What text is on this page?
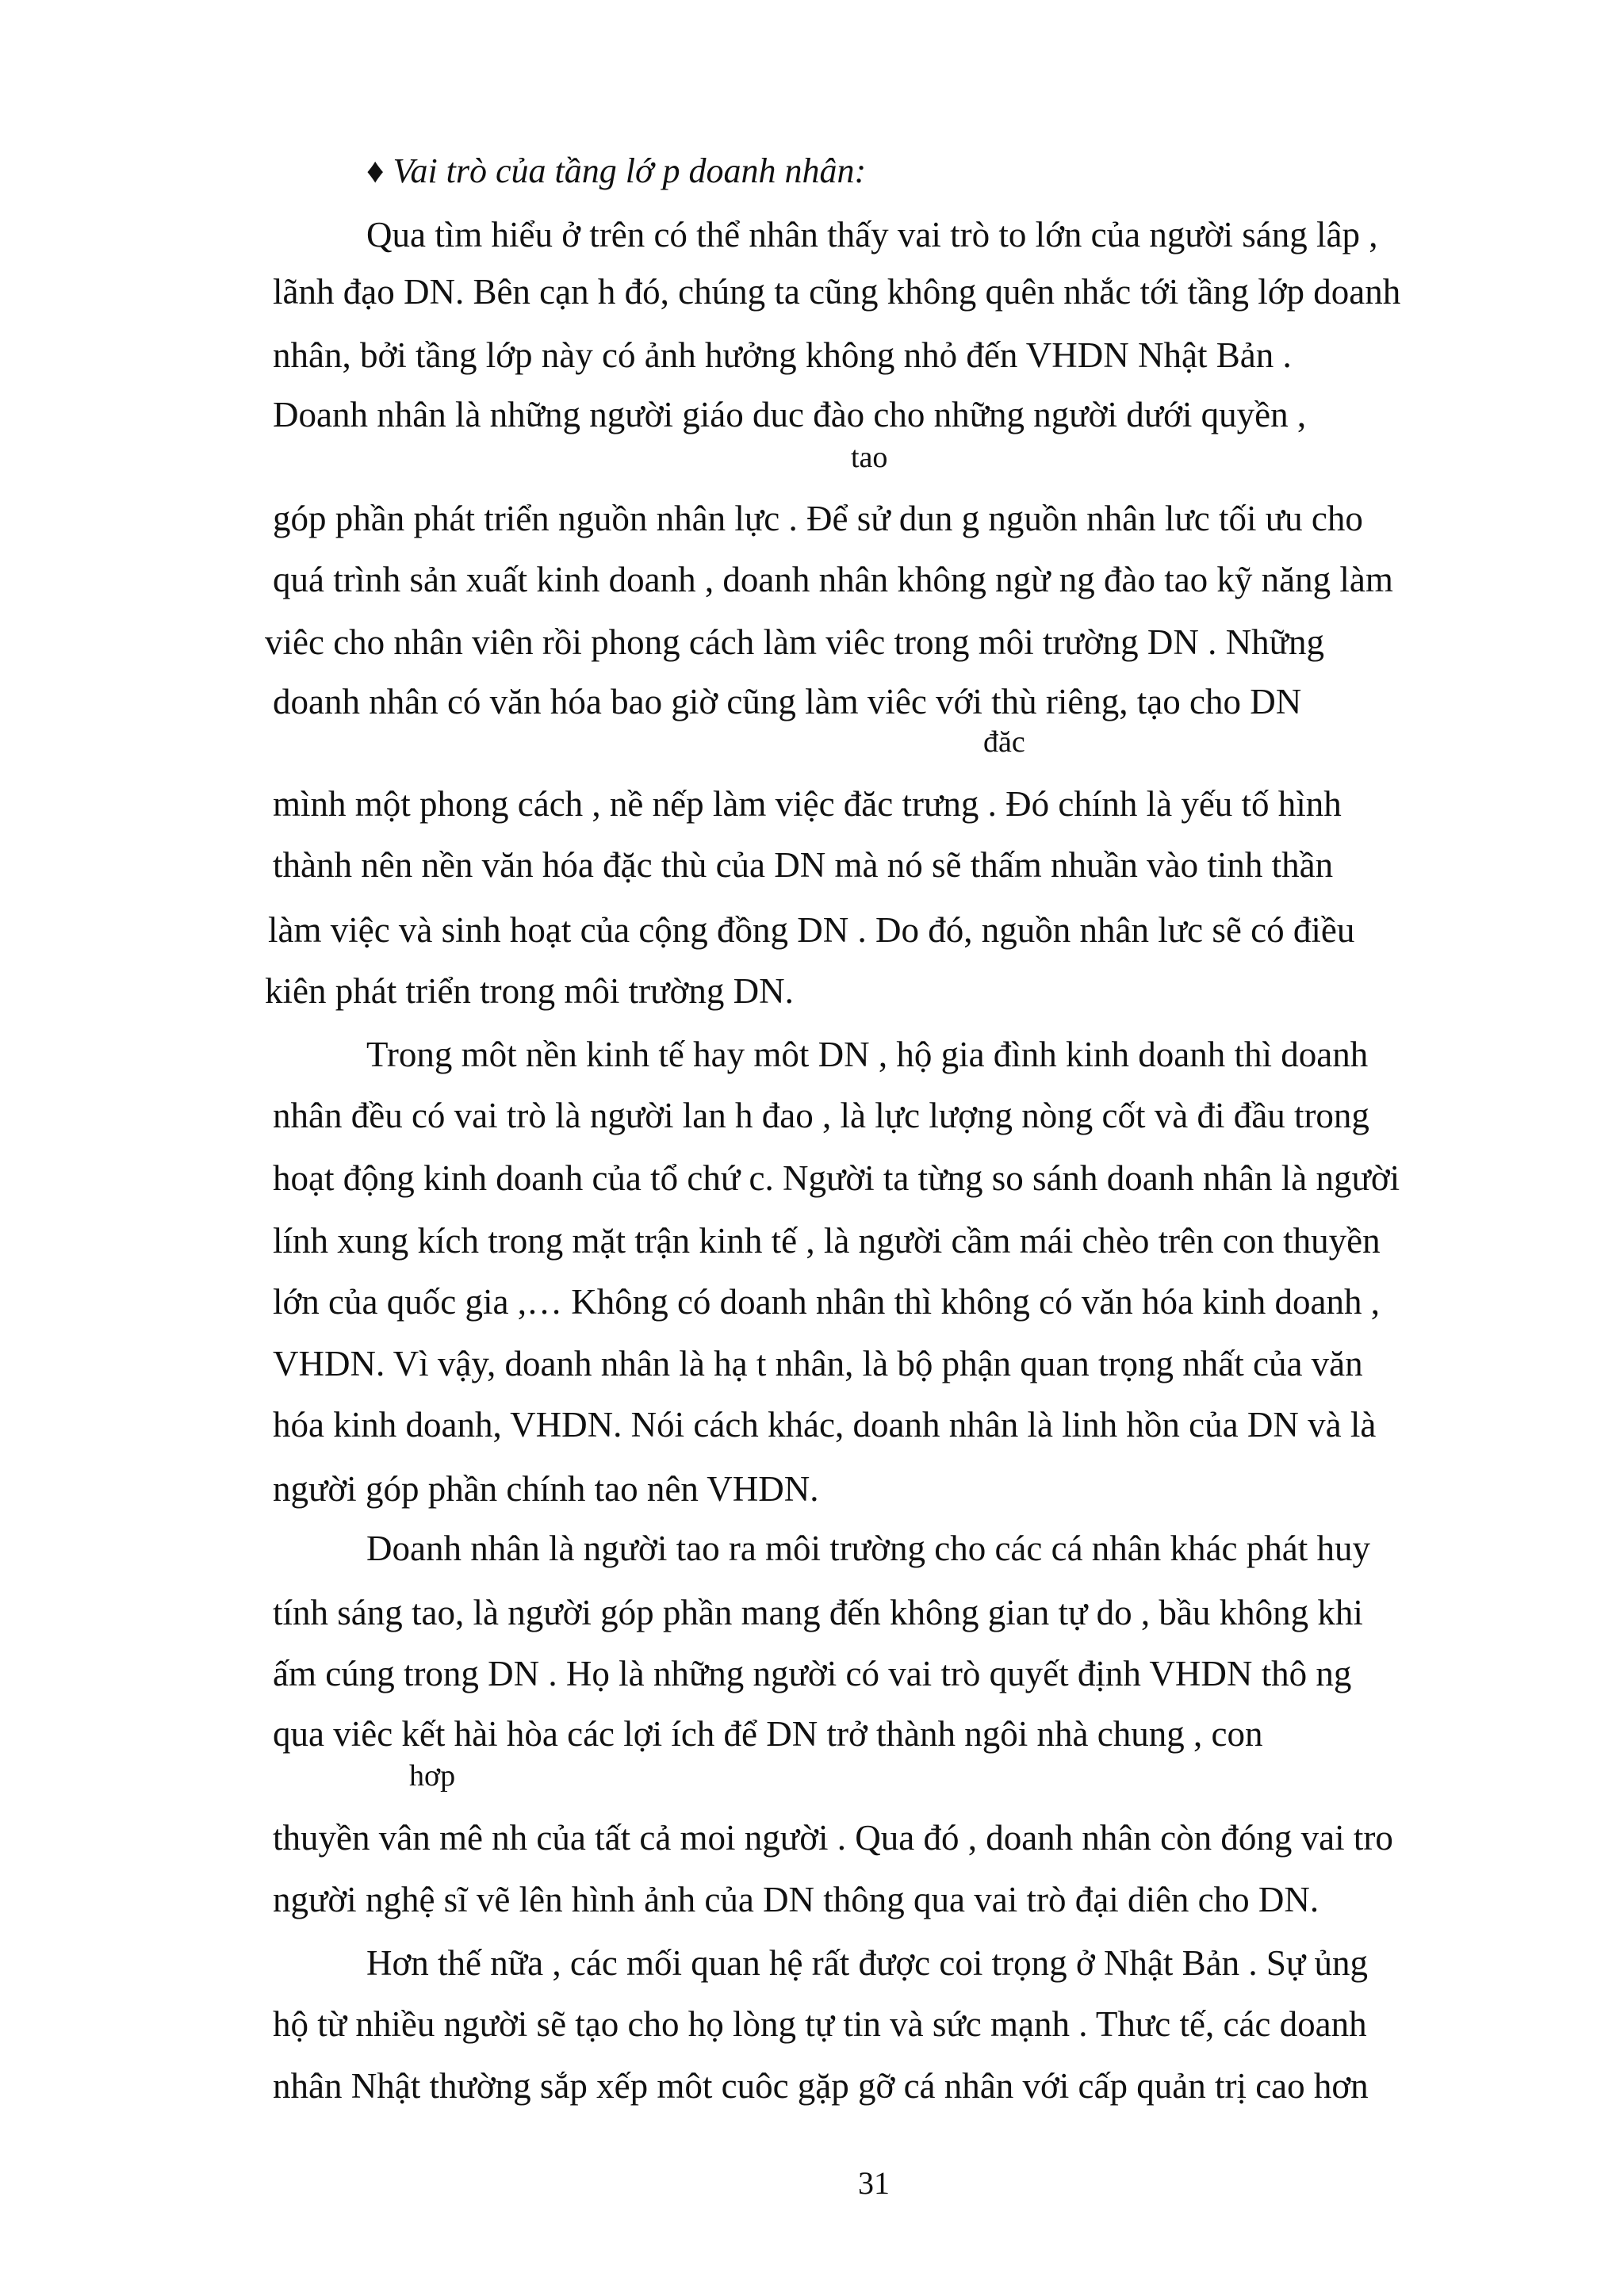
♦ Vai trò của tầng lớ p doanh nhân:
Qua tìm hiểu ở trên có thể nhân thấy vai trò to lớn của người sáng lâp ,
lãnh đạo DN. Bên cạn h đó, chúng ta cũng không quên nhắc tới tầng lớp doanh
nhân, bởi tầng lớp này có ảnh hưởng không nhỏ đến VHDN Nhật Bản .
Doanh nhân là những người giáo duc đào cho những người dưới quyền ,
tao
góp phần phát triển nguồn nhân lực . Để sử dun g nguồn nhân lưc tối ưu cho
quá trình sản xuất kinh doanh , doanh nhân không ngừ ng đào tao kỹ năng làm
viêc cho nhân viên rồi phong cách làm viêc trong môi trường DN . Những
doanh nhân có văn hóa bao giờ cũng làm viêc với thù riêng, tạo cho DN
đăc
mình một phong cách , nề nếp làm việc đăc trưng . Đó chính là yếu tố hình
thành nên nền văn hóa đặc thù của DN mà nó sẽ thấm nhuần vào tinh thần
làm việc và sinh hoạt của cộng đồng DN . Do đó, nguồn nhân lưc sẽ có điều
kiên phát triển trong môi trường DN.
Trong môt nền kinh tế hay môt DN , hộ gia đình kinh doanh thì doanh
nhân đều có vai trò là người lan h đao , là lực lượng nòng cốt và đi đầu trong
hoạt động kinh doanh của tổ chứ c. Người ta từng so sánh doanh nhân là người
lính xung kích trong mặt trận kinh tế , là người cầm mái chèo trên con thuyền
lớn của quốc gia ,… Không có doanh nhân thì không có văn hóa kinh doanh ,
VHDN. Vì vậy, doanh nhân là hạ t nhân, là bộ phận quan trọng nhất của văn
hóa kinh doanh, VHDN. Nói cách khác, doanh nhân là linh hồn của DN và là
người góp phần chính tao nên VHDN.
Doanh nhân là người tao ra môi trường cho các cá nhân khác phát huy
tính sáng tao, là người góp phần mang đến không gian tự do , bầu không khi
ấm cúng trong DN . Họ là những người có vai trò quyết định VHDN thô ng
qua viêc kết hài hòa các lợi ích để DN trở thành ngôi nhà chung , con
hơp
thuyền vân mê nh của tất cả moi người . Qua đó , doanh nhân còn đóng vai tro
người nghệ sĩ vẽ lên hình ảnh của DN thông qua vai trò đại diên cho DN.
Hơn thế nữa , các mối quan hệ rất được coi trọng ở Nhật Bản . Sự ủng
hộ từ nhiều người sẽ tạo cho họ lòng tự tin và sức mạnh . Thưc tế, các doanh
nhân Nhật thường sắp xếp môt cuôc gặp gỡ cá nhân với cấp quản trị cao hơn
31
